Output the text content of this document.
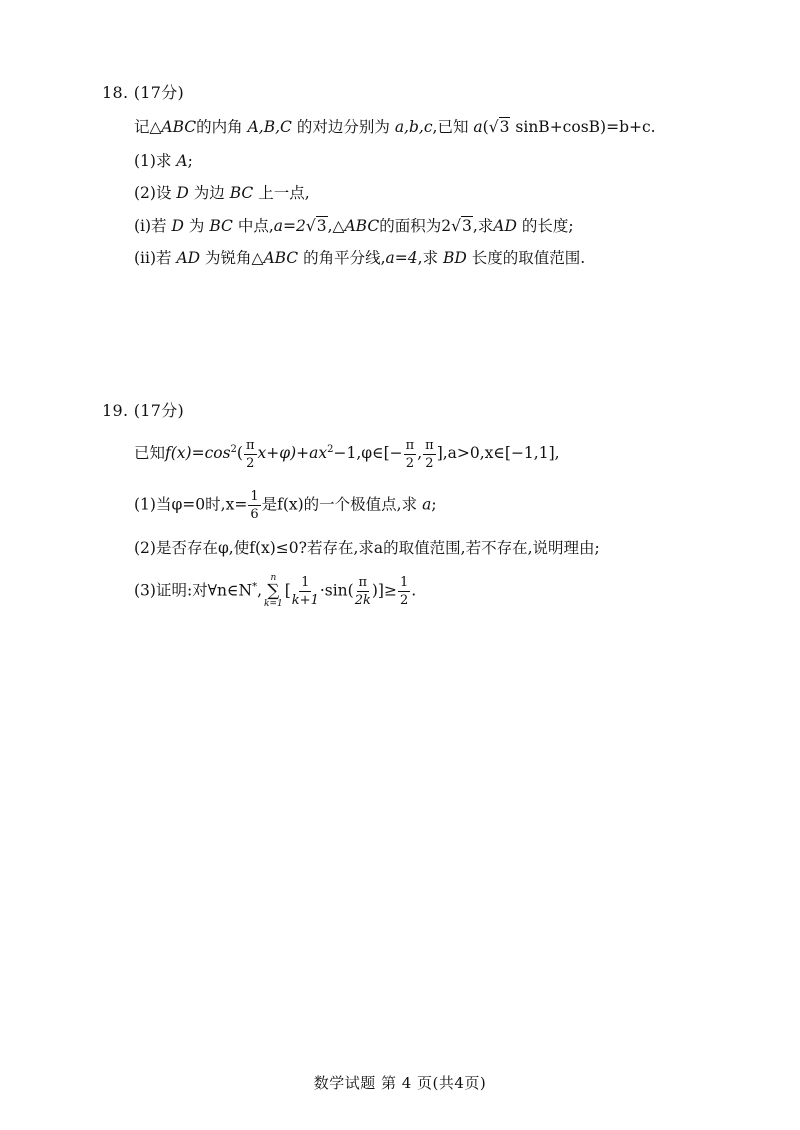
18. (17分)
记△ABC的内角 A,B,C 的对边分别为 a,b,c,已知 a(√3 sinB+cosB)=b+c.
(1)求 A;
(2)设 D 为边 BC 上一点,
(i)若 D 为 BC 中点,a=2√3,△ABC的面积为2√3,求AD 的长度;
(ii)若 AD 为锐角△ABC 的角平分线,a=4,求 BD 长度的取值范围.
19. (17分)
已知$f(x)=\cos^2( \frac{\pi}{2}$ $x+\varphi)+ax^2-1,\varphi\in[- \frac{\pi}{2}$ , $\frac{\pi}{2}$ ],a>0,x∈[−1,1],
(1)当φ=0时$,x= \frac{1}{6}$ 是f(x)的一个极值点,求 a;
(2)是否存在φ,使f(x)≤0?若存在,求a的取值范围,若不存在,说明理由;
(3)证明:对∀n∈N*,
n
∑
k=1
[ $\frac{1}{k+1} \cdot\sin( \frac{\pi}{2k}$ )]≥ $\frac{1}{2}$ .
数学试题 第 4 页(共4页)
